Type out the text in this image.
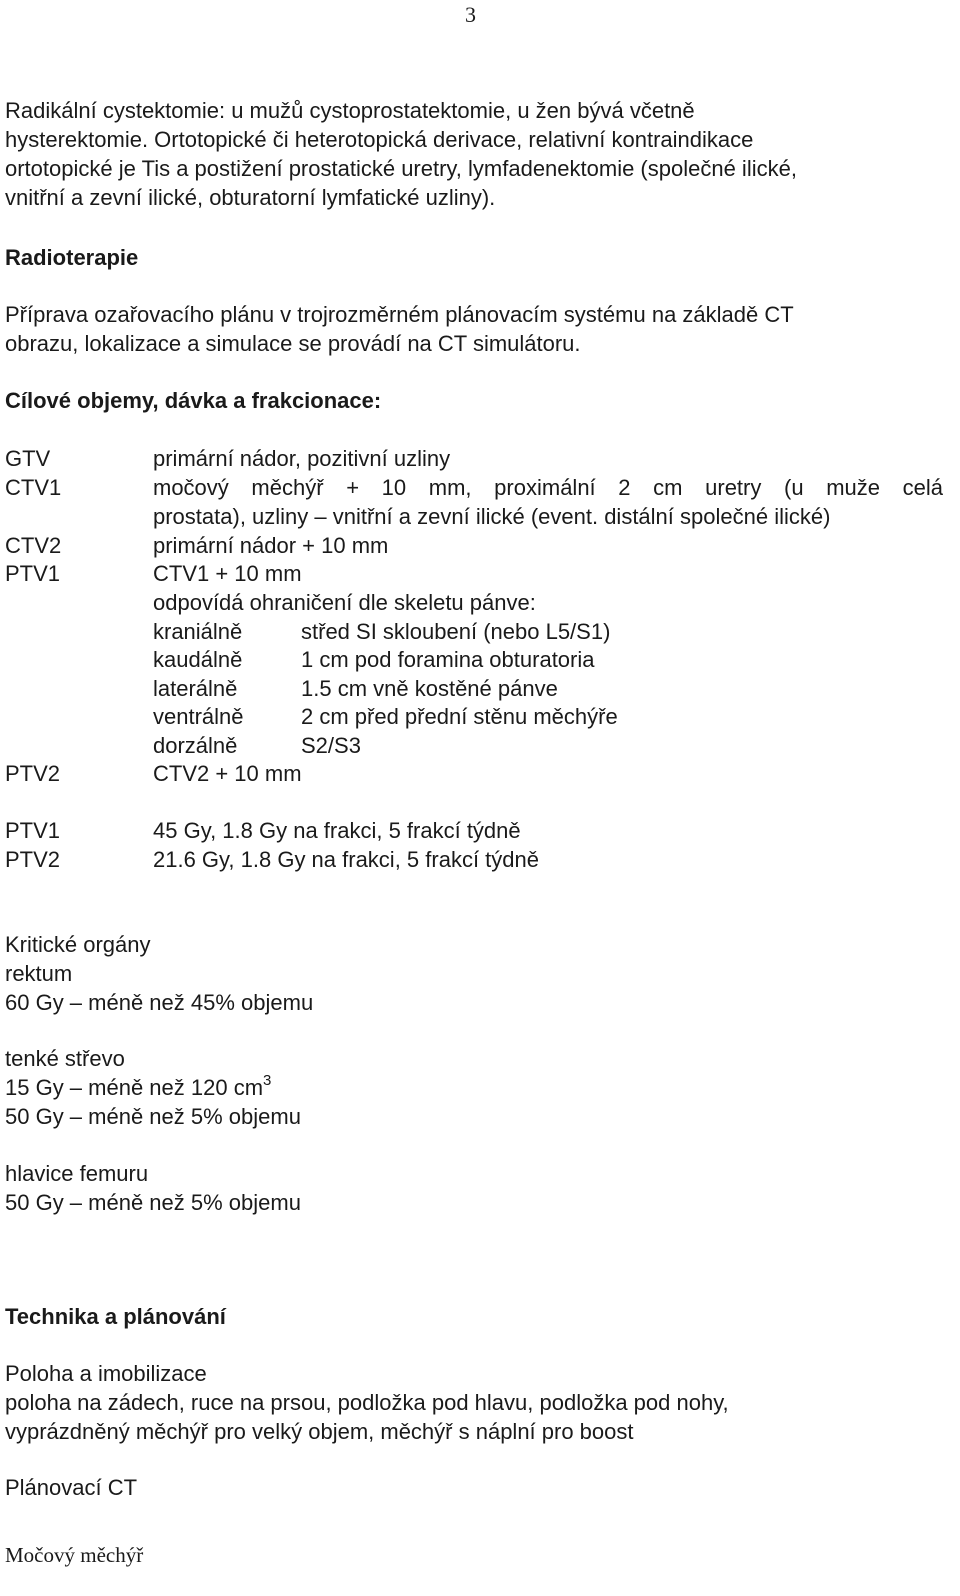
3

Radikální cystektomie: u mužů cystoprostatektomie, u žen bývá včetně

hysterektomie. Ortotopické či heterotopická derivace, relativní kontraindikace

ortotopické je Tis a postižení prostatické uretry, lymfadenektomie (společné ilické,

vnitřní a zevní ilické, obturatorní lymfatické uzliny).

Radioterapie

Příprava ozařovacího plánu v trojrozměrném plánovacím systému na základě CT

obrazu, lokalizace a simulace se provádí na CT simulátoru.

Cílové objemy, dávka a frakcionace:
GTV	primární nádor, pozitivní uzliny
CTV1	močový měchýř + 10 mm, proximální 2 cm uretry (u muže celá
prostata), uzliny – vnitřní a zevní ilické (event. distální společné ilické)
CTV2	primární nádor + 10 mm
PTV1	CTV1 + 10 mm
odpovídá ohraničení dle skeletu pánve:
kraniálně	střed SI skloubení (nebo L5/S1)
kaudálně	1 cm pod foramina obturatoria
laterálně	1.5 cm vně kostěné pánve
ventrálně	2 cm před přední stěnu měchýře
dorzálně	S2/S3
PTV2	CTV2 + 10 mm
PTV1	45 Gy, 1.8 Gy na frakci, 5 frakcí týdně
PTV2	21.6 Gy, 1.8 Gy na frakci, 5 frakcí týdně

Kritické orgány

rektum

60 Gy – méně než 45% objemu

tenké střevo

15 Gy – méně než 120 $cm^3$

50 Gy – méně než 5% objemu

hlavice femuru

50 Gy – méně než 5% objemu

Technika a plánování

Poloha a imobilizace

poloha na zádech, ruce na prsou, podložka pod hlavu, podložka pod nohy,

vyprázdněný měchýř pro velký objem, měchýř s náplní pro boost

Plánovací CT
Močový měchýř
